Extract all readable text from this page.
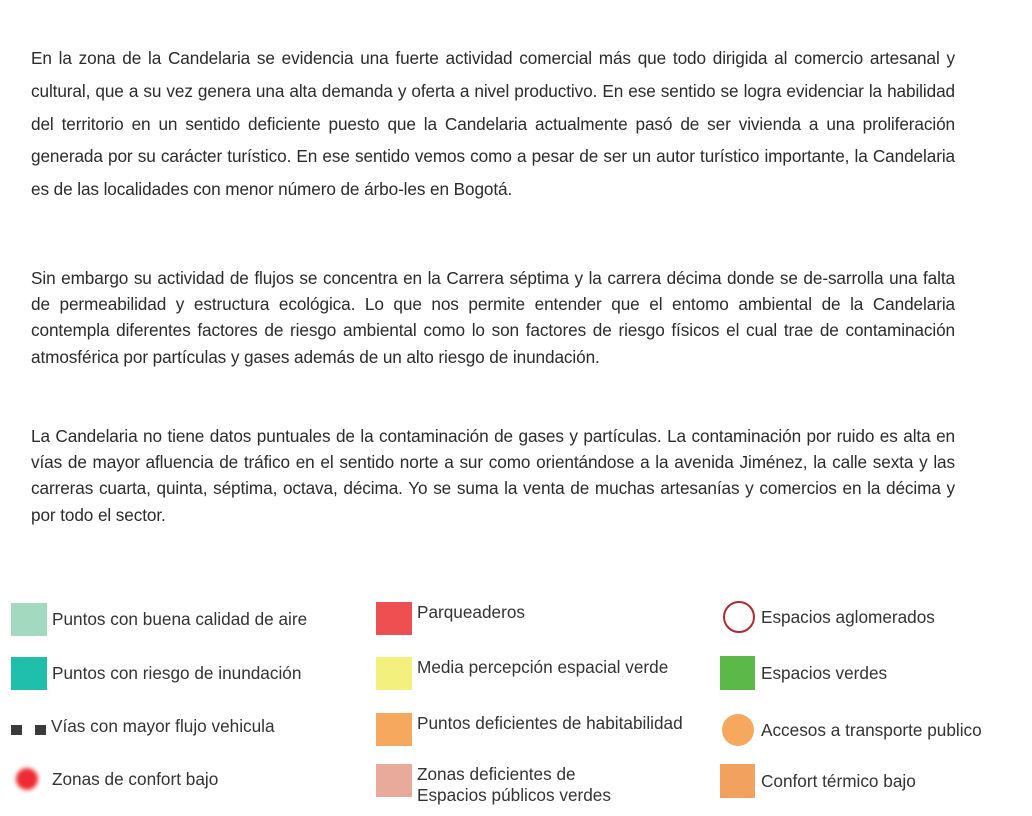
En la zona de la Candelaria se evidencia una fuerte actividad comercial más que todo dirigida al comercio artesanal y cultural, que a su vez genera una alta demanda y oferta a nivel productivo. En ese sentido se logra evidenciar la habilidad del territorio en un sentido deficiente puesto que la Candelaria actualmente pasó de ser vivienda a una proliferación generada por su carácter turístico. En ese sentido vemos como a pesar de ser un autor turístico importante, la Candelaria es de las localidades con menor número de árbo-les en Bogotá.

Sin embargo su actividad de flujos se concentra en la Carrera séptima y la carrera décima donde se de-sarrolla una falta de permeabilidad y estructura ecológica. Lo que nos permite entender que el entomo ambiental de la Candelaria contempla diferentes factores de riesgo ambiental como lo son factores de riesgo físicos el cual trae de contaminación atmosférica por partículas y gases además de un alto riesgo de inundación.

La Candelaria no tiene datos puntuales de la contaminación de gases y partículas. La contaminación por ruido es alta en vías de mayor afluencia de tráfico en el sentido norte a sur como orientándose a la avenida Jiménez, la calle sexta y las carreras cuarta, quinta, séptima, octava, décima. Yo se suma la venta de muchas artesanías y comercios en la décima y por todo el sector.

Puntos con buena calidad de aire
Puntos con riesgo de inundación
Vías con mayor flujo vehicula
Zonas de confort bajo
Parqueaderos
Media percepción espacial verde
Puntos deficientes de habitabilidad
Zonas deficientes de
Espacios públicos verdes
Espacios aglomerados
Espacios verdes
Accesos a transporte publico
Confort térmico bajo
